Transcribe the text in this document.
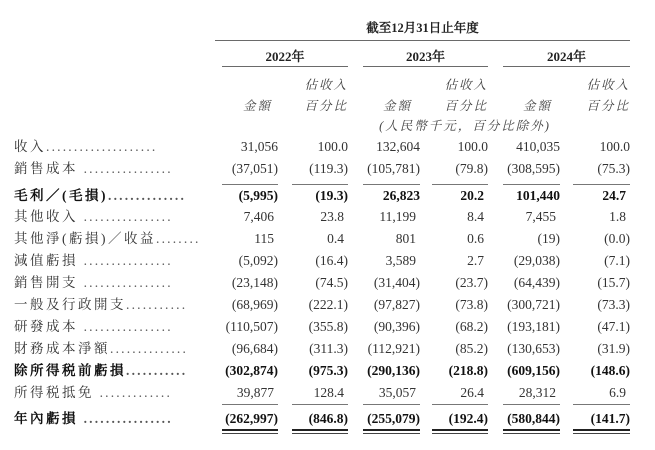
截至12月31日止年度
2022年	2023年	2024年
佔收入	佔收入	佔收入
金額	百分比	金額	百分比	金額	百分比
(人民幣千元，百分比除外)
收入....................	31,056	100.0	132,604	100.0	410,035	100.0
銷售成本 ................	(37,051)	(119.3)	(105,781)	(79.8)	(308,595)	(75.3)
毛利／(毛損)..............	(5,995)	(19.3)	26,823	20.2	101,440	24.7
其他收入 ................	7,406	23.8	11,199	8.4	7,455	1.8
其他淨(虧損)／收益........	115	0.4	801	0.6	(19)	(0.0)
減值虧損 ................	(5,092)	(16.4)	3,589	2.7	(29,038)	(7.1)
銷售開支 ................	(23,148)	(74.5)	(31,404)	(23.7)	(64,439)	(15.7)
一般及行政開支...........	(68,969)	(222.1)	(97,827)	(73.8)	(300,721)	(73.3)
研發成本 ................	(110,507)	(355.8)	(90,396)	(68.2)	(193,181)	(47.1)
財務成本淨額..............	(96,684)	(311.3)	(112,921)	(85.2)	(130,653)	(31.9)
除所得税前虧損...........	(302,874)	(975.3)	(290,136)	(218.8)	(609,156)	(148.6)
所得税抵免 .............	39,877	128.4	35,057	26.4	28,312	6.9
年內虧損 ................	(262,997)	(846.8)	(255,079)	(192.4)	(580,844)	(141.7)
